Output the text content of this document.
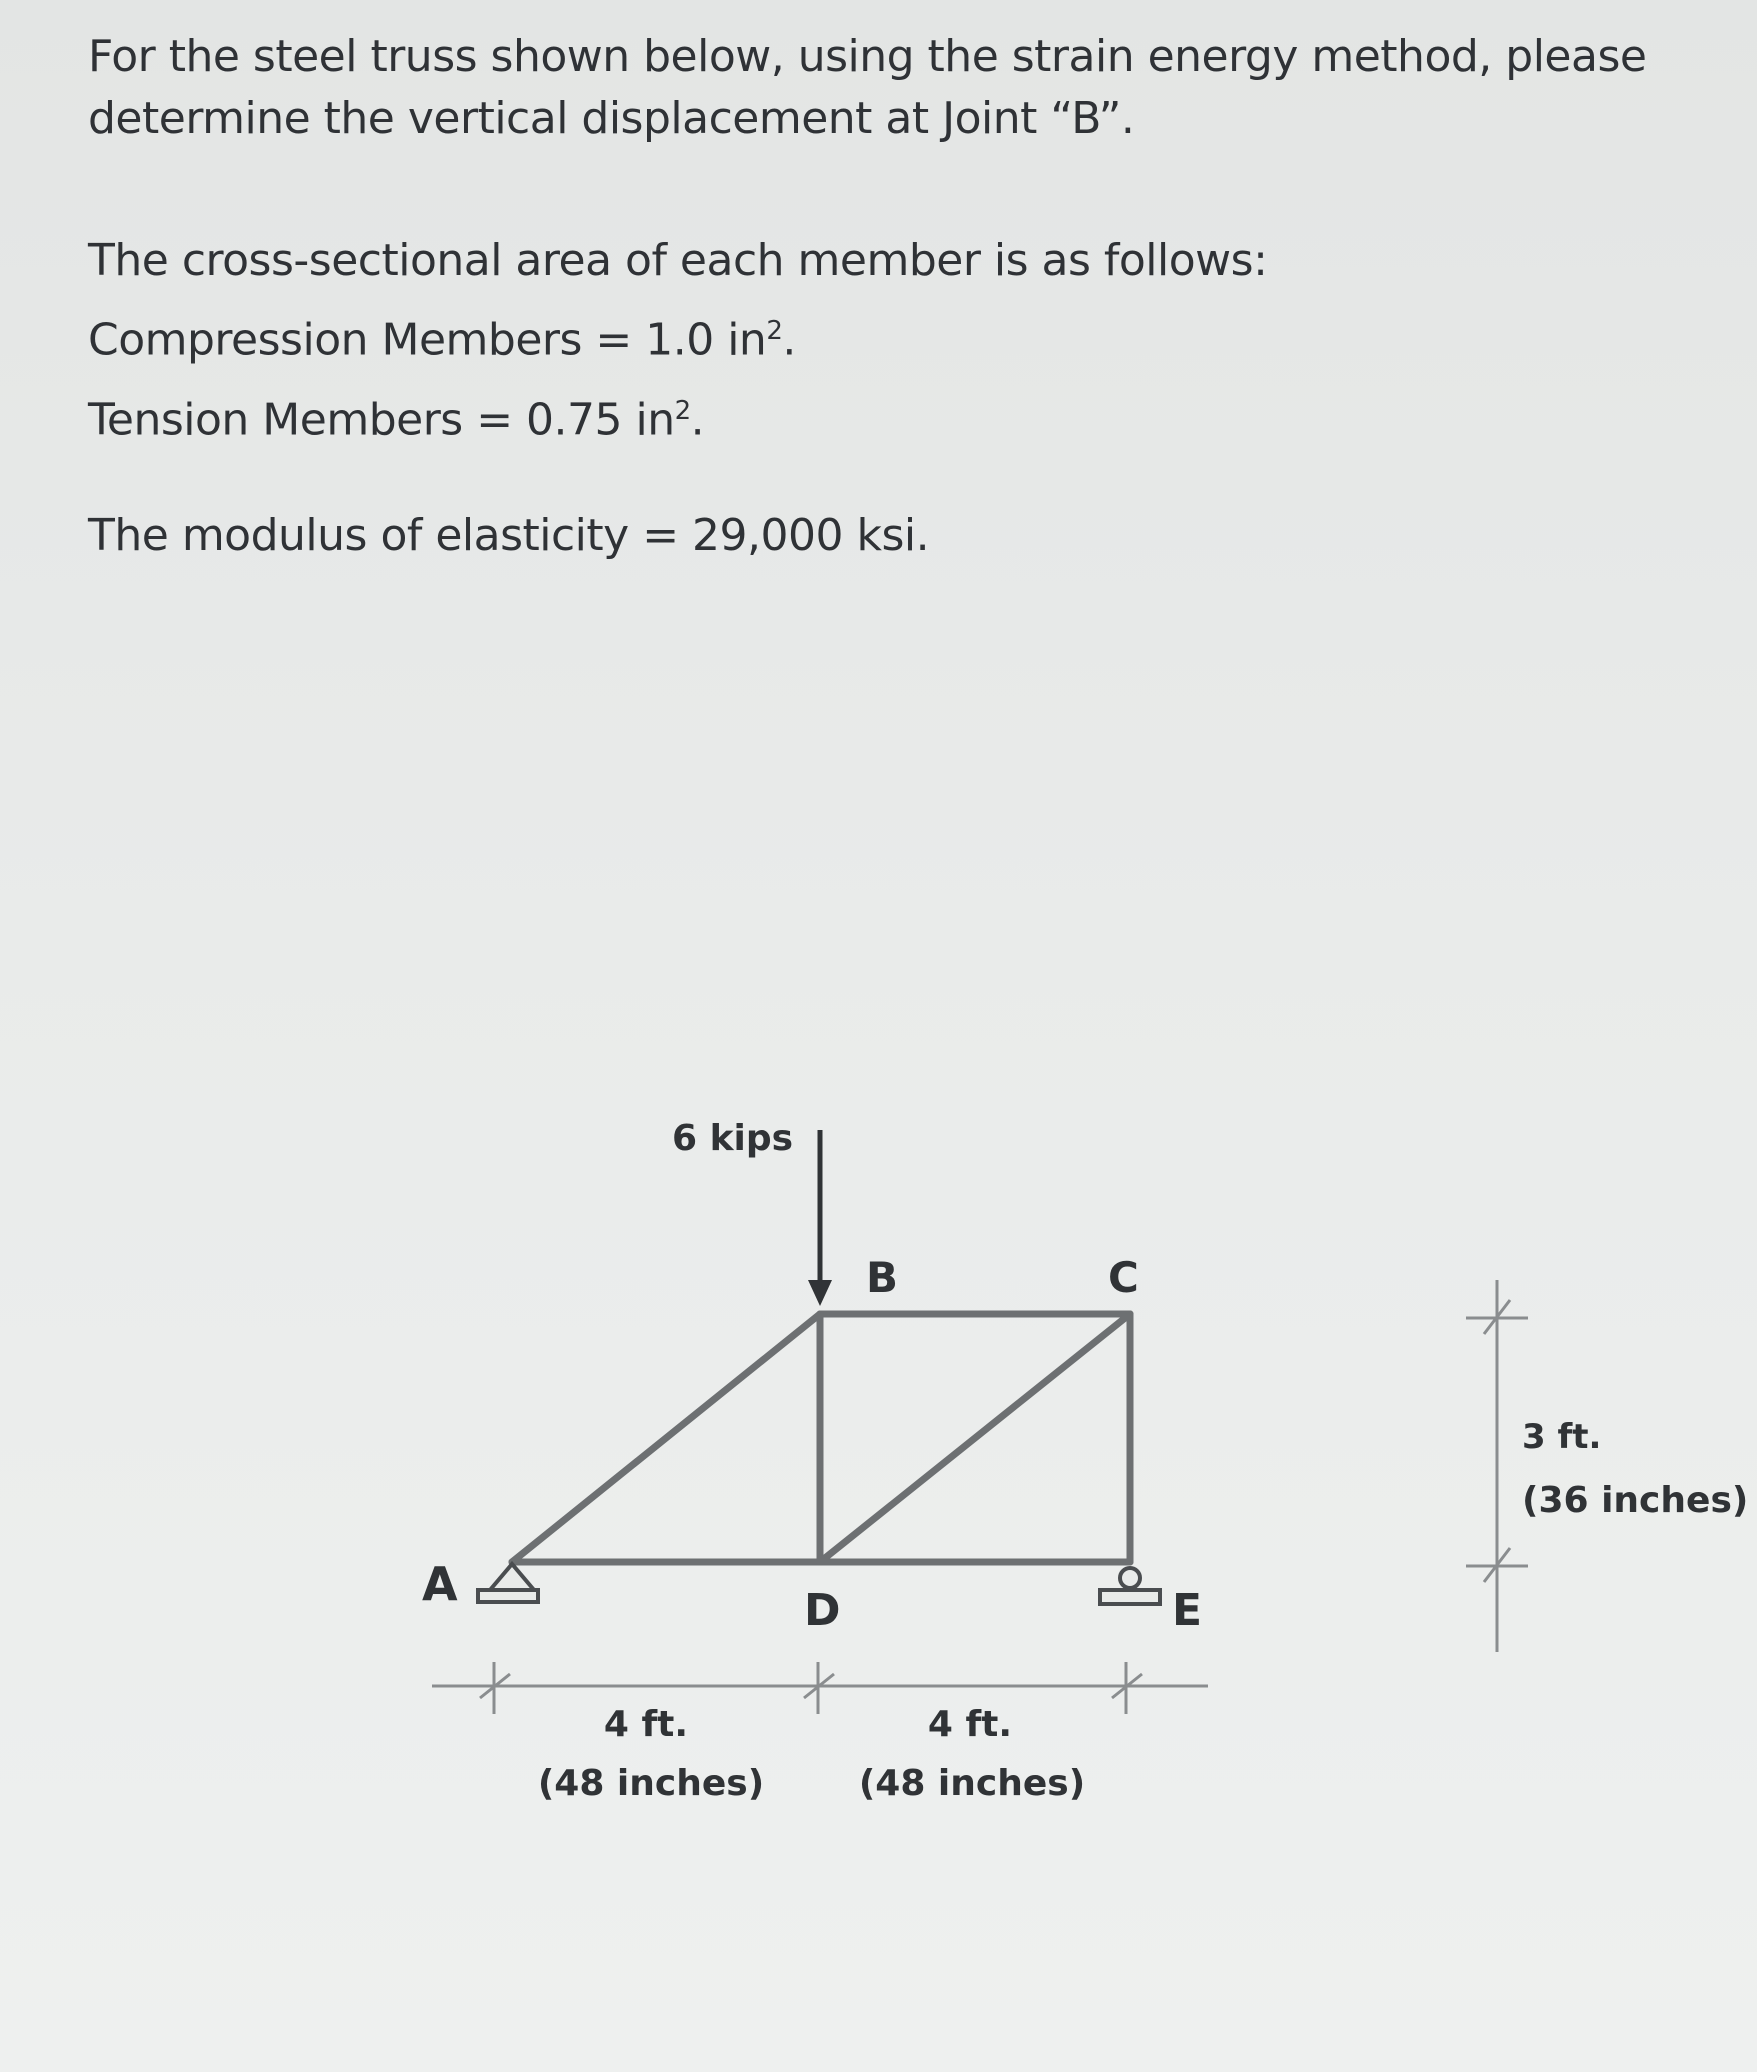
For the steel truss shown below, using the strain energy method, please
determine the vertical displacement at Joint “B”.
The cross-sectional area of each member is as follows:
Compression Members = 1.0 $in^2$.
Tension Members = 0.75 $in^2$.
The modulus of elasticity = 29,000 ksi.
6 kips
A
B	C
D	E
4 ft.
(48 inches)
4 ft.
(48 inches)
3 ft.
(36 inches)
